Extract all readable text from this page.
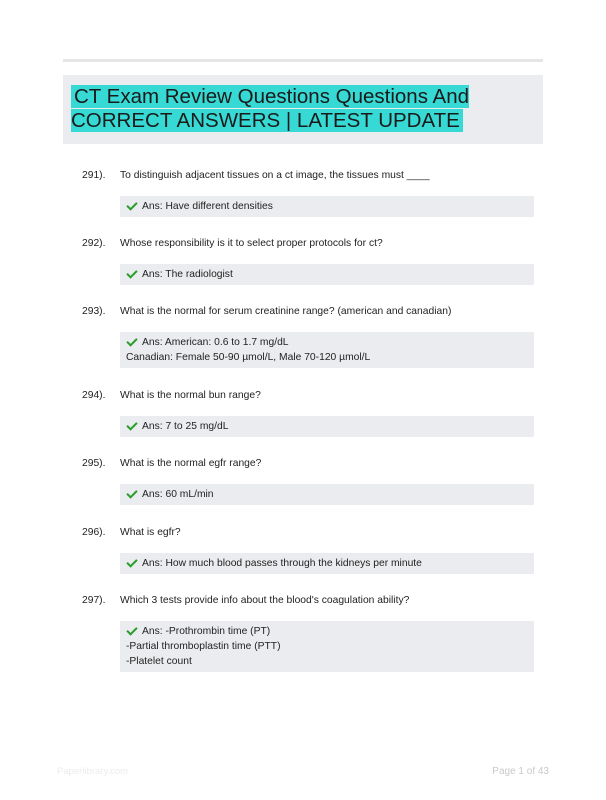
CT Exam Review Questions Questions And CORRECT ANSWERS | LATEST UPDATE
291).	To distinguish adjacent tissues on a ct image, the tissues must ____
Ans: Have different densities
292).	Whose responsibility is it to select proper protocols for ct?
Ans: The radiologist
293).	What is the normal for serum creatinine range? (american and canadian)
Ans: American: 0.6 to 1.7 mg/dL
Canadian: Female 50-90 µmol/L, Male 70-120 µmol/L
294).	What is the normal bun range?
Ans: 7 to 25 mg/dL
295).	What is the normal egfr range?
Ans: 60 mL/min
296).	What is egfr?
Ans: How much blood passes through the kidneys per minute
297).	Which 3 tests provide info about the blood's coagulation ability?
Ans: -Prothrombin time (PT)
-Partial thromboplastin time (PTT)
-Platelet count
Paperlibrary.com	Page 1 of 43
